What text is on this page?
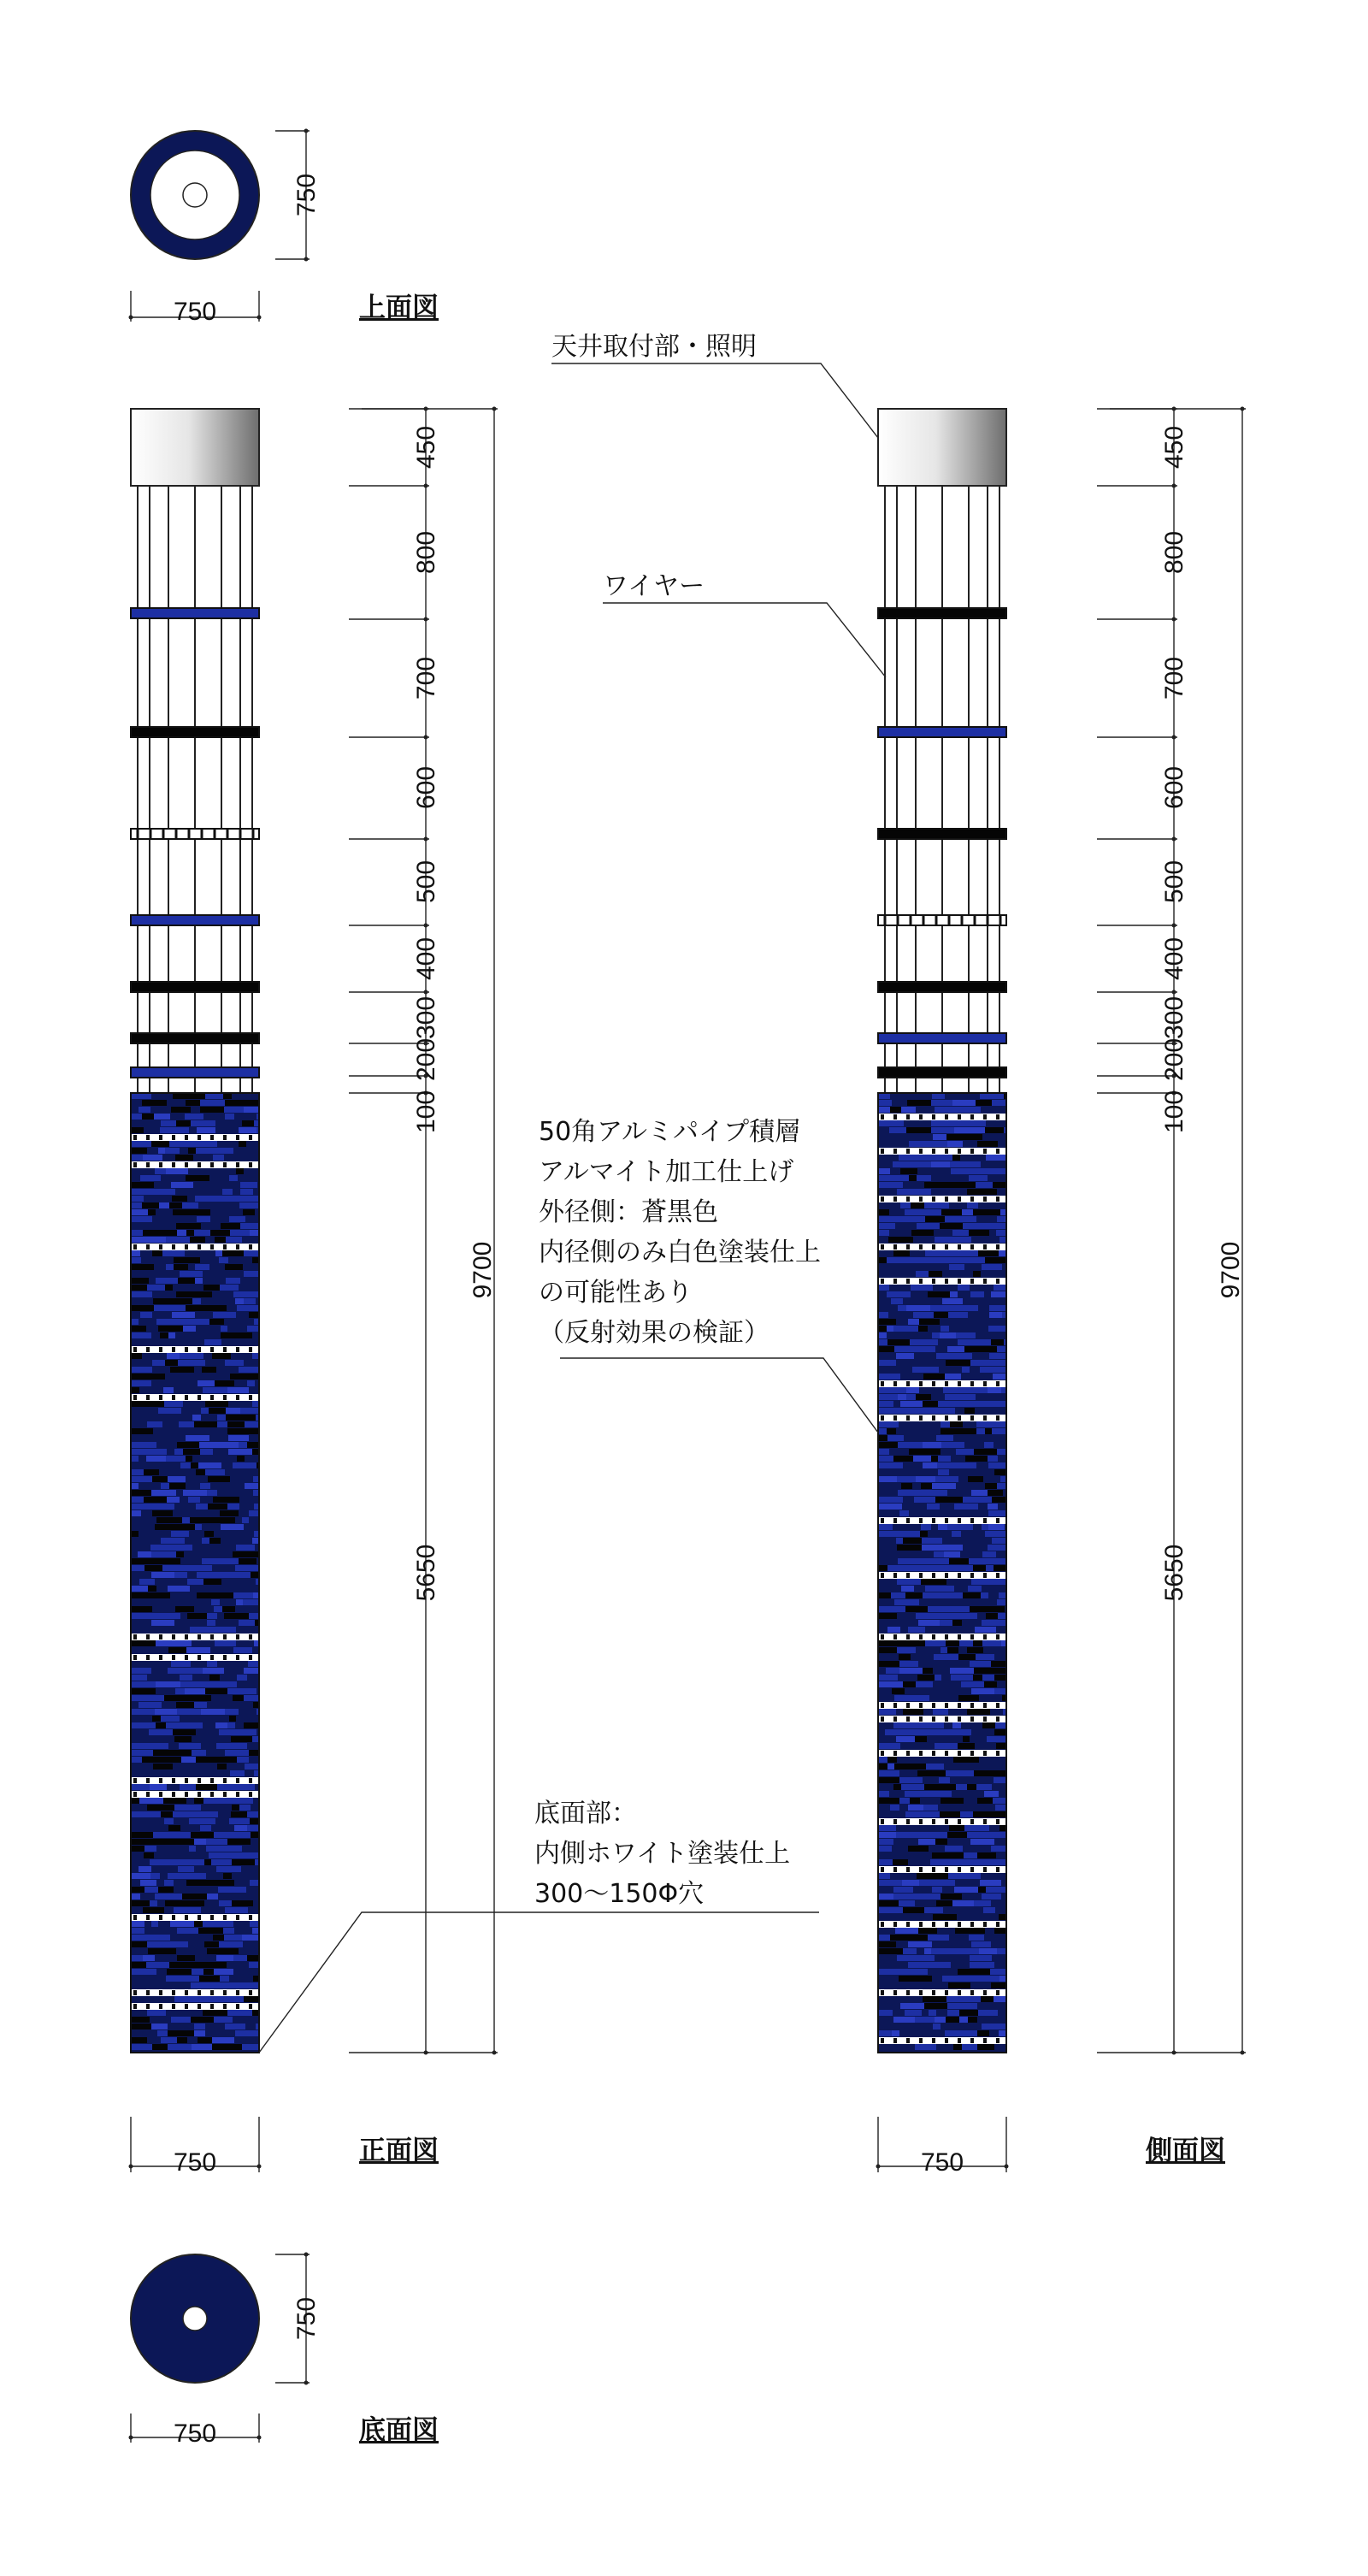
750
750	上面図
450
800
700
600
500
400
300
200
100
5650
9700
750	正面図
450
800
700
600
500
400
300
200
100
5650
9700
750	側面図
天井取付部・照明
ワイヤー
50角アルミパイプ積層
アルマイト加工仕上げ
外径側：蒼黒色
内径側のみ白色塗装仕上
の可能性あり
（反射効果の検証）
底面部：
内側ホワイト塗装仕上
300〜150Φ穴
750
750	底面図
